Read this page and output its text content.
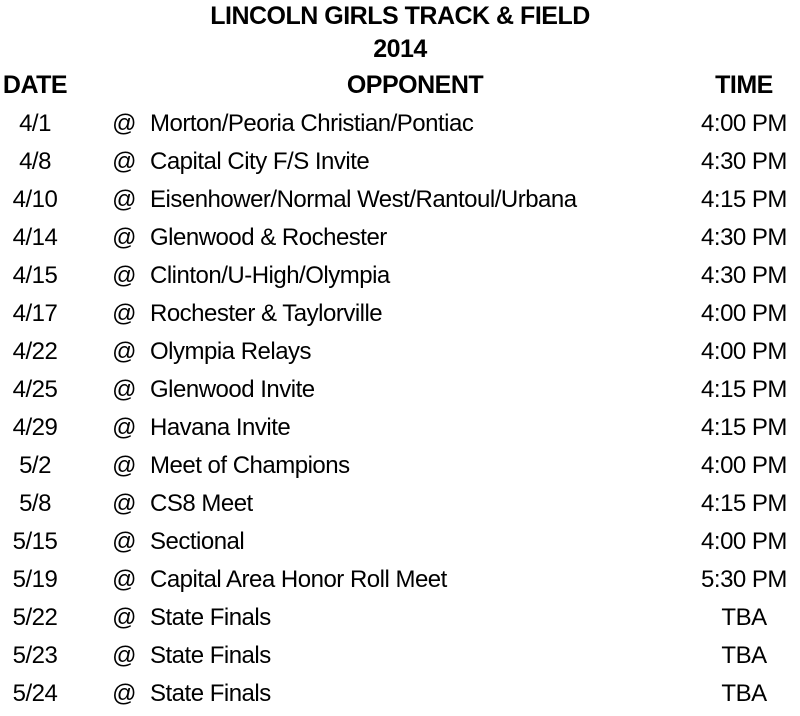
LINCOLN GIRLS TRACK & FIELD
2014
DATE	OPPONENT	TIME
4/1	@ Morton/Peoria Christian/Pontiac	4:00 PM
4/8	@ Capital City F/S Invite	4:30 PM
4/10	@ Eisenhower/Normal West/Rantoul/Urbana	4:15 PM
4/14	@ Glenwood & Rochester	4:30 PM
4/15	@ Clinton/U-High/Olympia	4:30 PM
4/17	@ Rochester & Taylorville	4:00 PM
4/22	@ Olympia Relays	4:00 PM
4/25	@ Glenwood Invite	4:15 PM
4/29	@ Havana Invite	4:15 PM
5/2	@ Meet of Champions	4:00 PM
5/8	@ CS8 Meet	4:15 PM
5/15	@ Sectional	4:00 PM
5/19	@ Capital Area Honor Roll Meet	5:30 PM
5/22	@ State Finals	TBA
5/23	@ State Finals	TBA
5/24	@ State Finals	TBA
